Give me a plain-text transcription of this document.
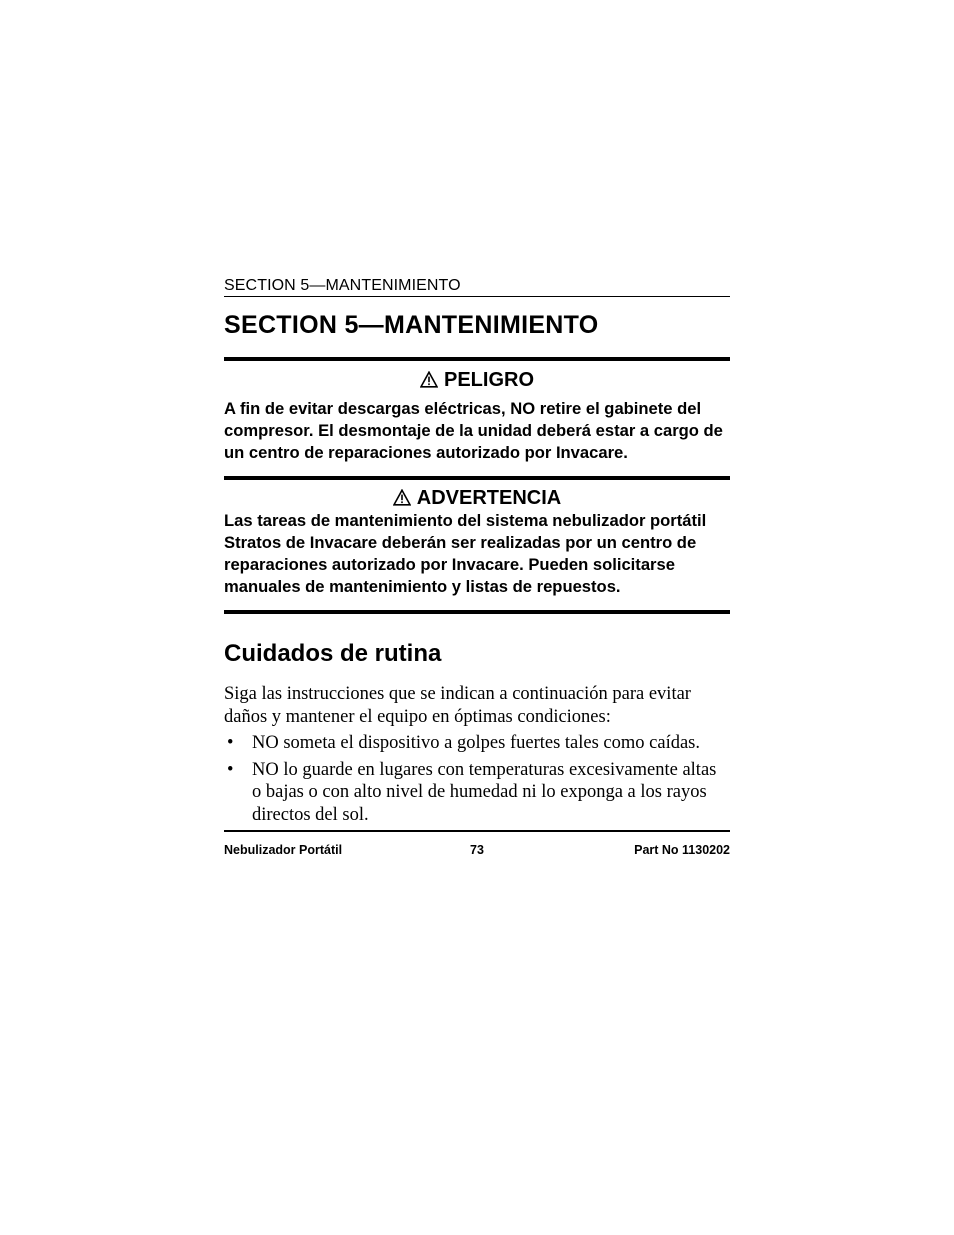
SECTION 5—MANTENIMIENTO
SECTION 5—MANTENIMIENTO
PELIGRO
A fin de evitar descargas eléctricas, NO retire el gabinete del compresor. El desmontaje de la unidad deberá estar a cargo de un centro de reparaciones autorizado por Invacare.
ADVERTENCIA
Las tareas de mantenimiento del sistema nebulizador portátil Stratos de Invacare deberán ser realizadas por un centro de reparaciones autorizado por Invacare. Pueden solicitarse manuales de mantenimiento y listas de repuestos.
Cuidados de rutina
Siga las instrucciones que se indican a continuación para evitar daños y mantener el equipo en óptimas condiciones:
• NO someta el dispositivo a golpes fuertes tales como caídas.
• NO lo guarde en lugares con temperaturas excesivamente altas o bajas o con alto nivel de humedad ni lo exponga a los rayos directos del sol.
Nebulizador Portátil	73	Part No 1130202
